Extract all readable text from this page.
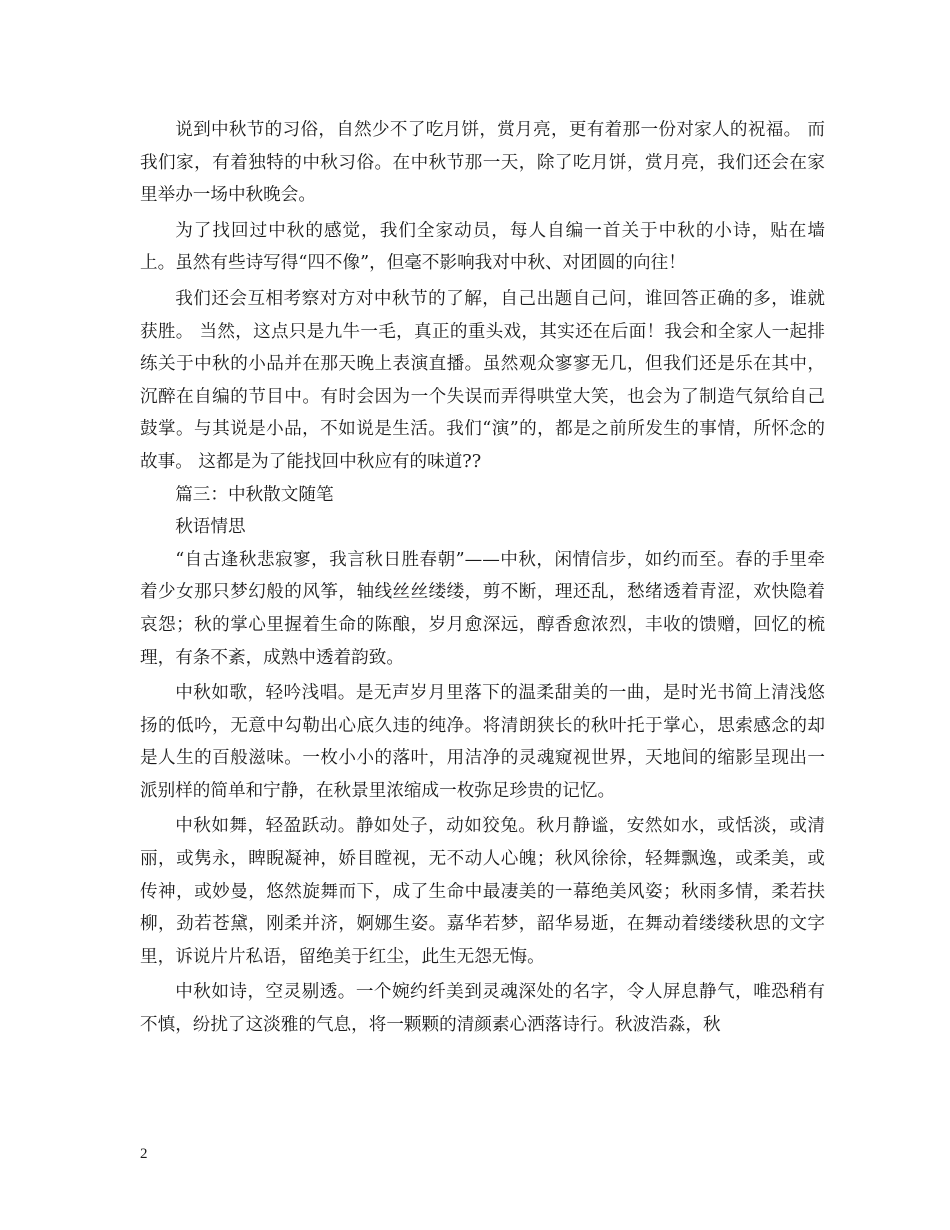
说到中秋节的习俗，自然少不了吃月饼，赏月亮，更有着那一份对家人的祝福。 而我们家，有着独特的中秋习俗。在中秋节那一天，除了吃月饼，赏月亮，我们还会在家里举办一场中秋晚会。

为了找回过中秋的感觉，我们全家动员，每人自编一首关于中秋的小诗，贴在墙上。虽然有些诗写得“四不像”，但毫不影响我对中秋、对团圆的向往！

我们还会互相考察对方对中秋节的了解，自己出题自己问，谁回答正确的多，谁就获胜。 当然，这点只是九牛一毛，真正的重头戏，其实还在后面！我会和全家人一起排练关于中秋的小品并在那天晚上表演直播。虽然观众寥寥无几，但我们还是乐在其中，沉醉在自编的节目中。有时会因为一个失误而弄得哄堂大笑，也会为了制造气氛给自己鼓掌。与其说是小品，不如说是生活。我们“演”的，都是之前所发生的事情，所怀念的故事。 这都是为了能找回中秋应有的味道??

篇三：中秋散文随笔

秋语情思

“自古逢秋悲寂寥，我言秋日胜春朝”——中秋，闲情信步，如约而至。春的手里牵着少女那只梦幻般的风筝，轴线丝丝缕缕，剪不断，理还乱，愁绪透着青涩，欢快隐着哀怨；秋的掌心里握着生命的陈酿，岁月愈深远，醇香愈浓烈，丰收的馈赠，回忆的梳理，有条不紊，成熟中透着韵致。

中秋如歌，轻吟浅唱。是无声岁月里落下的温柔甜美的一曲，是时光书简上清浅悠扬的低吟，无意中勾勒出心底久违的纯净。将清朗狭长的秋叶托于掌心，思索感念的却是人生的百般滋味。一枚小小的落叶，用洁净的灵魂窥视世界，天地间的缩影呈现出一派别样的简单和宁静，在秋景里浓缩成一枚弥足珍贵的记忆。

中秋如舞，轻盈跃动。静如处子，动如狡兔。秋月静谧，安然如水，或恬淡，或清丽，或隽永，睥睨凝神，娇目瞠视，无不动人心魄；秋风徐徐，轻舞飘逸，或柔美，或传神，或妙曼，悠然旋舞而下，成了生命中最凄美的一幕绝美风姿；秋雨多情，柔若扶柳，劲若苍黛，刚柔并济，婀娜生姿。嘉华若梦，韶华易逝，在舞动着缕缕秋思的文字里，诉说片片私语，留绝美于红尘，此生无怨无悔。

中秋如诗，空灵剔透。一个婉约纤美到灵魂深处的名字，令人屏息静气，唯恐稍有不慎，纷扰了这淡雅的气息，将一颗颗的清颜素心洒落诗行。秋波浩淼，秋

2
